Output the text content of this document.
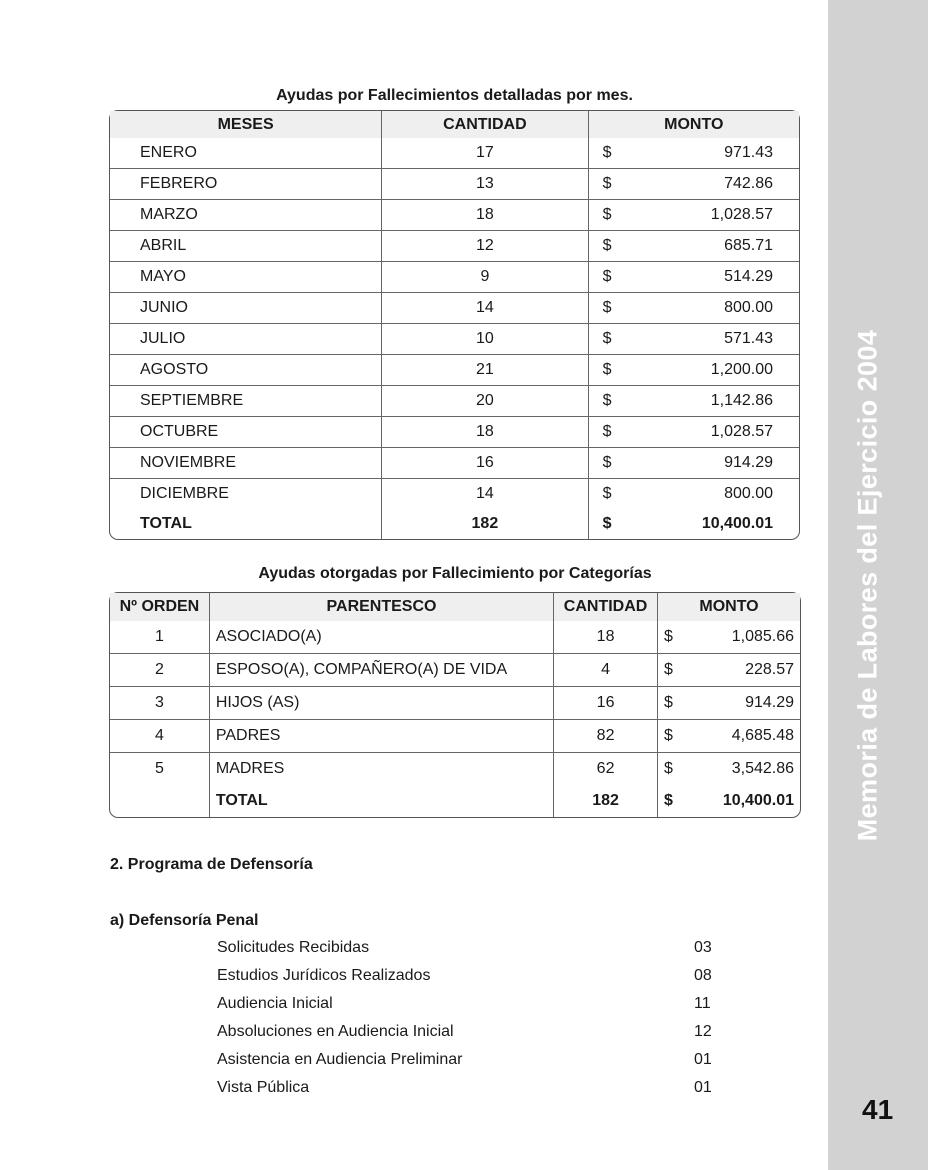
Memoria de Labores del Ejercicio 2004
41
Ayudas por Fallecimientos detalladas por mes.
MESES	CANTIDAD	MONTO
ENERO	17	$ 971.43

FEBRERO	13	$ 742.86

MARZO	18	$ 1,028.57

ABRIL	12	$ 685.71

MAYO	9	$ 514.29

JUNIO	14	$ 800.00

JULIO	10	$ 571.43

AGOSTO	21	$ 1,200.00

SEPTIEMBRE	20	$ 1,142.86

OCTUBRE	18	$ 1,028.57

NOVIEMBRE	16	$ 914.29

DICIEMBRE	14	$ 800.00

TOTAL	182	$ 10,400.01
Ayudas otorgadas por Fallecimiento por Categorías
Nº ORDEN	PARENTESCO	CANTIDAD	MONTO
1	ASOCIADO(A)	18	$ 1,085.66

2	ESPOSO(A), COMPAÑERO(A) DE VIDA	4	$ 228.57

3	HIJOS (AS)	16	$ 914.29

4	PADRES	82	$ 4,685.48

5	MADRES	62	$ 3,542.86

	TOTAL	182	$ 10,400.01
2. Programa de Defensoría
a) Defensoría Penal
Solicitudes Recibidas	03
Estudios Jurídicos Realizados	08
Audiencia Inicial	11
Absoluciones en Audiencia Inicial	12
Asistencia en Audiencia Preliminar	01
Vista Pública	01
